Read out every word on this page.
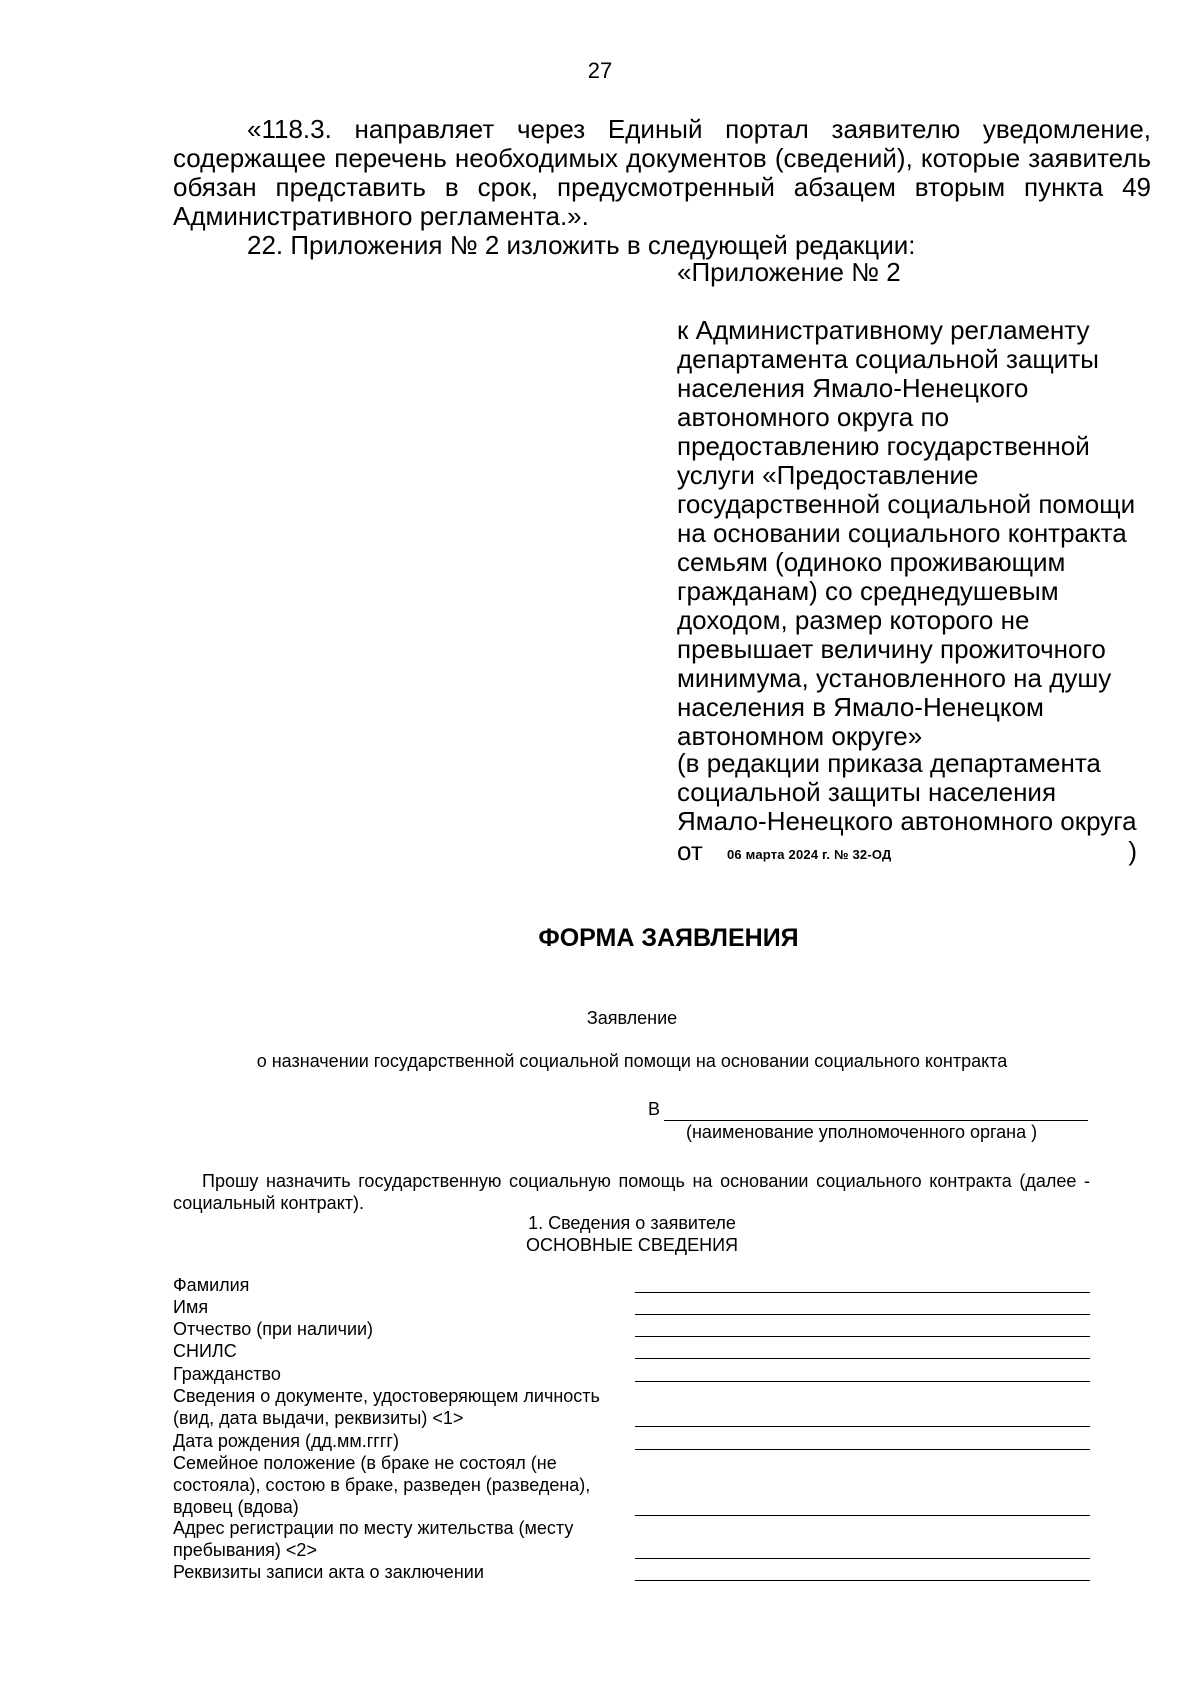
27
«118.3. направляет через Единый портал заявителю уведомление, содержащее перечень необходимых документов (сведений), которые заявитель обязан представить в срок, предусмотренный абзацем вторым пункта 49 Административного регламента.».
22. Приложения № 2 изложить в следующей редакции:
«Приложение № 2
к Административному регламенту
департамента социальной защиты
населения Ямало-Ненецкого
автономного округа по
предоставлению государственной
услуги «Предоставление
государственной социальной помощи
на основании социального контракта
семьям (одиноко проживающим
гражданам) со среднедушевым
доходом, размер которого не
превышает величину прожиточного
минимума, установленного на душу
населения в Ямало-Ненецком
автономном округе»
(в редакции приказа департамента
социальной защиты населения
Ямало-Ненецкого автономного округа
от 06 марта 2024 г. № 32-ОД	)
ФОРМА ЗАЯВЛЕНИЯ
Заявление
о назначении государственной социальной помощи на основании социального контракта
В
(наименование уполномоченного органа )
Прошу назначить государственную социальную помощь на основании социального контракта (далее - социальный контракт).
1. Сведения о заявителе
ОСНОВНЫЕ СВЕДЕНИЯ
Фамилия
Имя
Отчество (при наличии)
СНИЛС
Гражданство
Сведения о документе, удостоверяющем личность (вид, дата выдачи, реквизиты) <1>
Дата рождения (дд.мм.гггг)
Семейное положение (в браке не состоял (не состояла), состою в браке, разведен (разведена), вдовец (вдова)
Адрес регистрации по месту жительства (месту пребывания) <2>
Реквизиты записи акта о заключении
